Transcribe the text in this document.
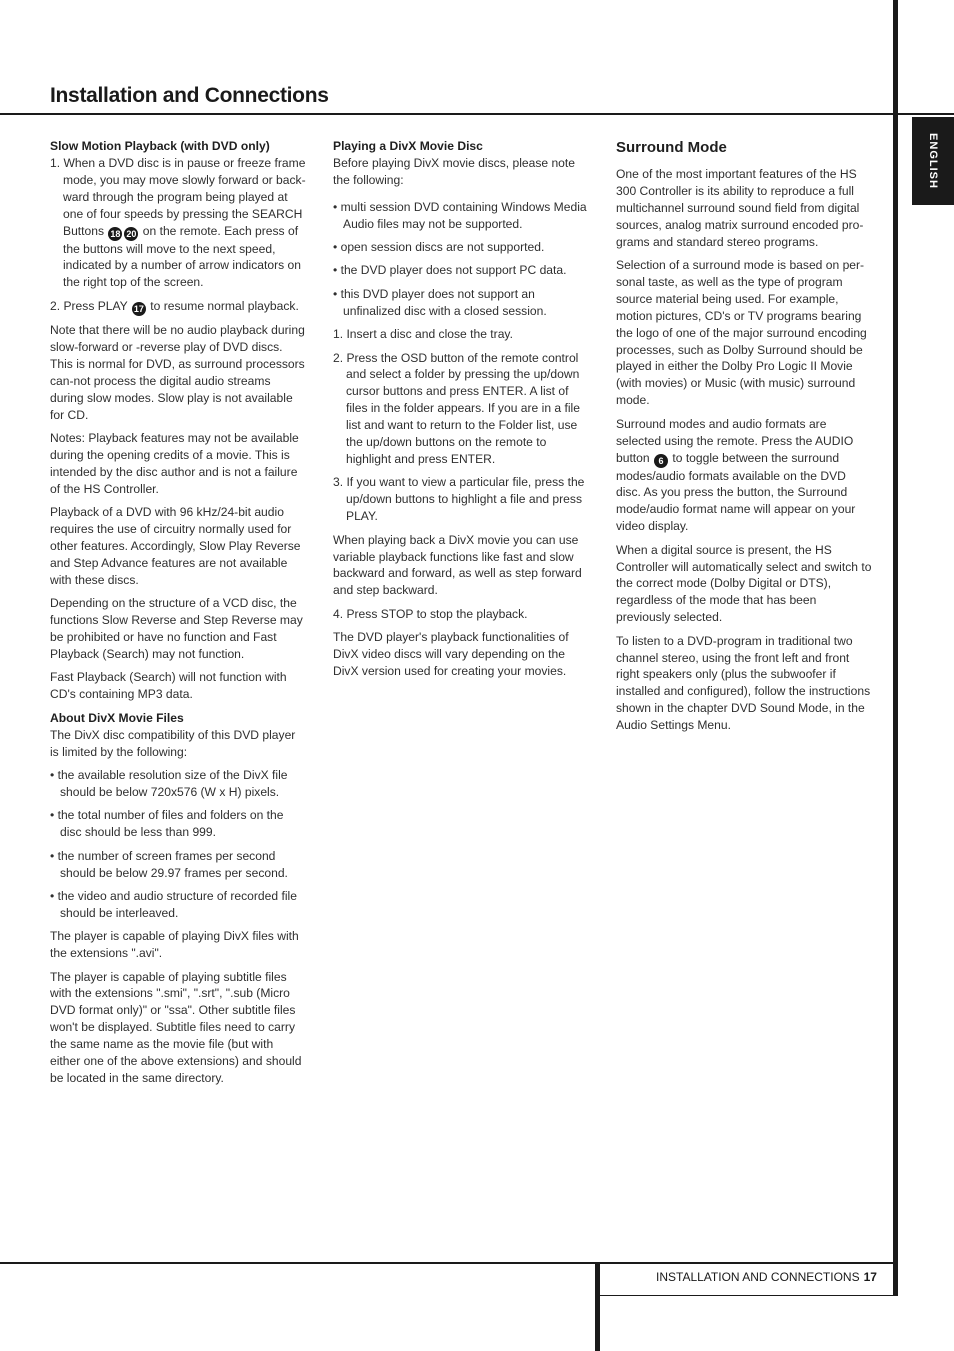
ENGLISH
Installation and Connections
Slow Motion Playback (with DVD only)

1. When a DVD disc is in pause or freeze frame mode, you may move slowly forward or back-ward through the program being played at one of four speeds by pressing the SEARCH Buttons 18 20 on the remote. Each press of the buttons will move to the next speed, indicated by a number of arrow indicators on the right top of the screen.

2. Press PLAY 17 to resume normal playback.

Note that there will be no audio playback during slow-forward or -reverse play of DVD discs. This is normal for DVD, as surround processors can-not process the digital audio streams during slow modes. Slow play is not available for CD.

Notes: Playback features may not be available during the opening credits of a movie. This is intended by the disc author and is not a failure of the HS Controller.

Playback of a DVD with 96 kHz/24-bit audio requires the use of circuitry normally used for other features. Accordingly, Slow Play Reverse and Step Advance features are not available with these discs.

Depending on the structure of a VCD disc, the functions Slow Reverse and Step Reverse may be prohibited or have no function and Fast Playback (Search) may not function.

Fast Playback (Search) will not function with CD's containing MP3 data.

About DivX Movie Files

The DivX disc compatibility of this DVD player is limited by the following:

• the available resolution size of the DivX file should be below 720x576 (W x H) pixels.

• the total number of files and folders on the disc should be less than 999.

• the number of screen frames per second should be below 29.97 frames per second.

• the video and audio structure of recorded file should be interleaved.

The player is capable of playing DivX files with the extensions ".avi".

The player is capable of playing subtitle files with the extensions ".smi", ".srt", ".sub (Micro DVD format only)" or "ssa". Other subtitle files won't be displayed. Subtitle files need to carry the same name as the movie file (but with either one of the above extensions) and should be located in the same directory.

Playing a DivX Movie Disc

Before playing DivX movie discs, please note the following:

• multi session DVD containing Windows Media Audio files may not be supported.

• open session discs are not supported.

• the DVD player does not support PC data.

• this DVD player does not support an unfinalized disc with a closed session.

1. Insert a disc and close the tray.

2. Press the OSD button of the remote control and select a folder by pressing the up/down cursor buttons and press ENTER. A list of files in the folder appears. If you are in a file list and want to return to the Folder list, use the up/down buttons on the remote to highlight and press ENTER.

3. If you want to view a particular file, press the up/down buttons to highlight a file and press PLAY.

When playing back a DivX movie you can use variable playback functions like fast and slow backward and forward, as well as step forward and step backward.

4. Press STOP to stop the playback.

The DVD player's playback functionalities of DivX video discs will vary depending on the DivX version used for creating your movies.

Surround Mode

One of the most important features of the HS 300 Controller is its ability to reproduce a full multichannel surround sound field from digital sources, analog matrix surround encoded pro-grams and standard stereo programs.

Selection of a surround mode is based on per-sonal taste, as well as the type of program source material being used. For example, motion pictures, CD's or TV programs bearing the logo of one of the major surround encoding processes, such as Dolby Surround should be played in either the Dolby Pro Logic II Movie (with movies) or Music (with music) surround mode.

Surround modes and audio formats are selected using the remote. Press the AUDIO button 6 to toggle between the surround modes/audio formats available on the DVD disc. As you press the button, the Surround mode/audio format name will appear on your video display.

When a digital source is present, the HS Controller will automatically select and switch to the correct mode (Dolby Digital or DTS), regardless of the mode that has been previously selected.

To listen to a DVD-program in traditional two channel stereo, using the front left and front right speakers only (plus the subwoofer if installed and configured), follow the instructions shown in the chapter DVD Sound Mode, in the Audio Settings Menu.

INSTALLATION AND CONNECTIONS 17
